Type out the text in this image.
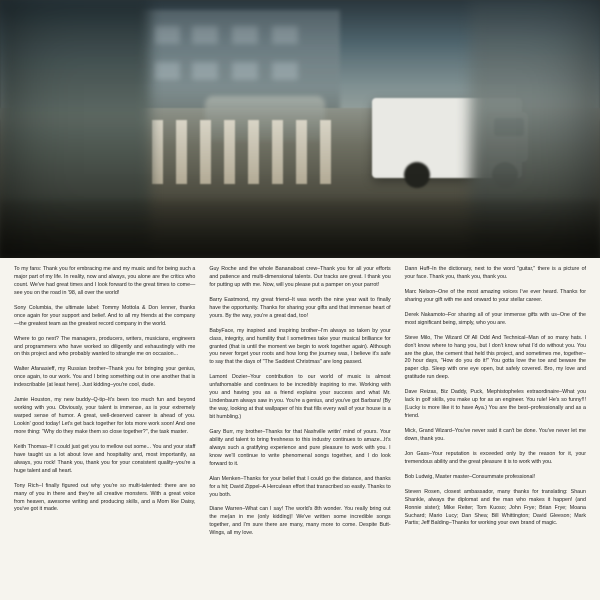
To my fans: Thank you for embracing me and my music and for being such a major part of my life. In reality, now and always, you alone are the critics who count. We've had great times and I look forward to the great times to come—see you on the road in '98, all over the world!

Sony Columbia, the ultimate label: Tommy Mottola & Don Ienner, thanks once again for your support and belief. And to all my friends at the company—the greatest team as the greatest record company in the world.

Where to go next? The managers, producers, writers, musicians, engineers and programmers who have worked so diligently and exhaustingly with me on this project and who probably wanted to strangle me on occasion...

Walter Afanasieff, my Russian brother–Thank you for bringing your genius, once again, to our work. You and I bring something out in one another that is indescribable (at least here). Just kidding–you're cool, dude.

Jamie Houston, my new buddy–Q-tip–It's been too much fun and beyond working with you. Obviously, your talent is immense, as is your extremely warped sense of humor. A great, well-deserved career is ahead of you. Lookin' good today! Let's get back together for lots more work soon! And one more thing: "Why do they make them so close together?", the task master.

Keith Thomas–If I could just get you to mellow out some... You and your staff have taught us a lot about love and hospitality and, most importantly, as always, you rock! Thank you, thank you for your consistent quality–you're a huge talent and all heart.

Tony Rich–I finally figured out why you're so multi-talented: there are so many of you in there and they're all creative monsters. With a great voice from heaven, awesome writing and producing skills, and a Mom like Daisy, you've got it made.

Guy Roche and the whole Bananaboat crew–Thank you for all your efforts and patience and multi-dimensional talents. Our tracks are great. I thank you for putting up with me. Now, will you please put a pamper on your parrot!

Barry Eastmond, my great friend–It was worth the nine year wait to finally have the opportunity. Thanks for sharing your gifts and that immense heart of yours. By the way, you're a great dad, too!

BabyFace, my inspired and inspiring brother–I'm always so taken by your class, integrity, and humility that I sometimes take your musical brilliance for granted (that is until the moment we begin to work together again). Although you never forget your roots and how long the journey was, I believe it's safe to say that the days of "The Saddest Christmas" are long passed.

Lamont Dozier–Your contribution to our world of music is almost unfathomable and continues to be incredibly inspiring to me. Working with you and having you as a friend explains your success and what Mr. Lindenbaum always saw in you. You're a genius, and you've got Barbara! (By the way, looking at that wallpaper of his that fills every wall of your house is a bit humbling.)

Gary Burr, my brother–Thanks for that Nashville writin' mind of yours. Your ability and talent to bring freshness to this industry continues to amaze...It's always such a gratifying experience and pure pleasure to work with you. I know we'll continue to write phenomenal songs together, and I do look forward to it.

Alan Menken–Thanks for your belief that I could go the distance, and thanks for a hit; David Zippel–A Herculean effort that transcribed so easily. Thanks to you both.

Diane Warren–What can I say! The world's 8th wonder. You really bring out the me(an in me (only kidding)! We've written some incredible songs together, and I'm sure there are many, many more to come. Despite Butt-Wings, all my love.

Dann Huff–In the dictionary, next to the word "guitar," there is a picture of your face. Thank you, thank you, thank you.

Marc Nelson–One of the most amazing voices I've ever heard. Thanks for sharing your gift with me and onward to your stellar career.

Derek Nakamoto–For sharing all of your immense gifts with us–One of the most significant being, simply, who you are.

Steve Milo, The Wizard Of All Odd And Technical–Man of so many hats. I don't know where to hang you, but I don't know what I'd do without you. You are the glue, the cement that held this project, and sometimes me, together–20 hour days, "How do you do it!" You gotta love the toe and beware the paper clip. Sleep with one eye open, but safely covered. Bro, my love and gratitude run deep.

Dave Reizas, Biz Daddy, Puck, Mephistopheles extraordinaire–What you lack in golf skills, you make up for as an engineer. You rule! He's so funny!!! (Lucky is more like it to have Aya.) You are the best–professionally and as a friend.

Mick, Grand Wizard–You've never said it can't be done. You've never let me down, thank you.

Jon Gass–Your reputation is exceeded only by the reason for it, your tremendous ability and the great pleasure it is to work with you.

Bob Ludwig, Master master–Consummate professional!

Steven Rosen, closest ambassador, many thanks for translating: Shaun Shankle, always the diplomat and the man who makes it happen! (and Ronnie sister); Mike Reiter; Tom Kuoso; John Frye; Brian Frye; Moana Suchard; Mario Lucy; Dan Shea; Bill Whittington; David Gleeson; Mark Partis; Jeff Balding–Thanks for working your own brand of magic.
